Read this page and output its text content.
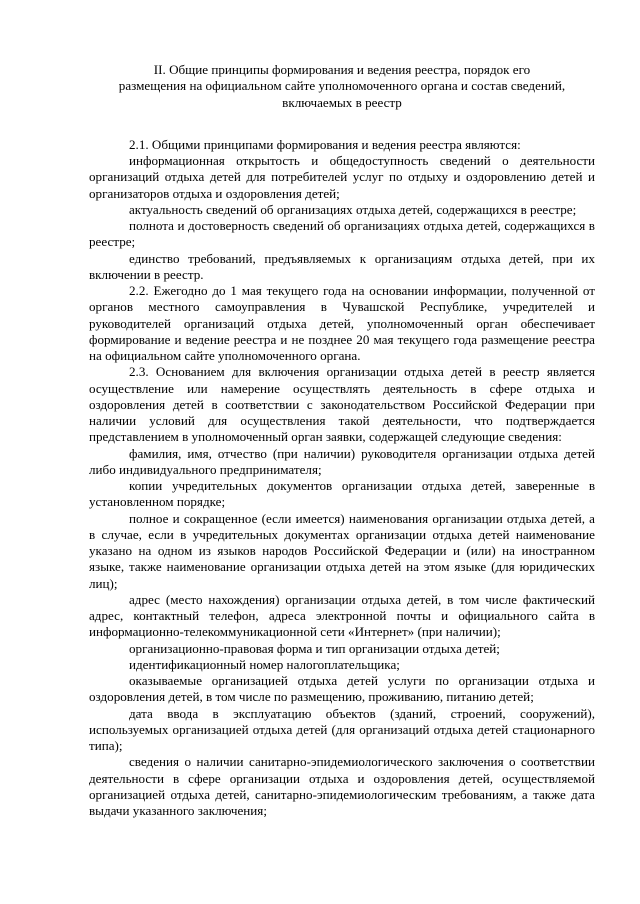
II. Общие принципы формирования и ведения реестра, порядок его
размещения на официальном сайте уполномоченного органа и состав сведений,
включаемых в реестр

2.1. Общими принципами формирования и ведения реестра являются:

информационная открытость и общедоступность сведений о деятельности организаций отдыха детей для потребителей услуг по отдыху и оздоровлению детей и организаторов отдыха и оздоровления детей;

актуальность сведений об организациях отдыха детей, содержащихся в реестре;

полнота и достоверность сведений об организациях отдыха детей, содержащихся в реестре;

единство требований, предъявляемых к организациям отдыха детей, при их включении в реестр.

2.2. Ежегодно до 1 мая текущего года на основании информации, полученной от органов местного самоуправления в Чувашской Республике, учредителей и руководителей организаций отдыха детей, уполномоченный орган обеспечивает формирование и ведение реестра и не позднее 20 мая текущего года размещение реестра на официальном сайте уполномоченного органа.

2.3. Основанием для включения организации отдыха детей в реестр является осуществление или намерение осуществлять деятельность в сфере отдыха и оздоровления детей в соответствии с законодательством Российской Федерации при наличии условий для осуществления такой деятельности, что подтверждается представлением в уполномоченный орган заявки, содержащей следующие сведения:

фамилия, имя, отчество (при наличии) руководителя организации отдыха детей либо индивидуального предпринимателя;

копии учредительных документов организации отдыха детей, заверенные в установленном порядке;

полное и сокращенное (если имеется) наименования организации отдыха детей, а в случае, если в учредительных документах организации отдыха детей наименование указано на одном из языков народов Российской Федерации и (или) на иностранном языке, также наименование организации отдыха детей на этом языке (для юридических лиц);

адрес (место нахождения) организации отдыха детей, в том числе фактический адрес, контактный телефон, адреса электронной почты и официального сайта в информационно-телекоммуникационной сети «Интернет» (при наличии);

организационно-правовая форма и тип организации отдыха детей;

идентификационный номер налогоплательщика;

оказываемые организацией отдыха детей услуги по организации отдыха и оздоровления детей, в том числе по размещению, проживанию, питанию детей;

дата ввода в эксплуатацию объектов (зданий, строений, сооружений), используемых организацией отдыха детей (для организаций отдыха детей стационарного типа);

сведения о наличии санитарно-эпидемиологического заключения о соответствии деятельности в сфере организации отдыха и оздоровления детей, осуществляемой организацией отдыха детей, санитарно-эпидемиологическим требованиям, а также дата выдачи указанного заключения;
